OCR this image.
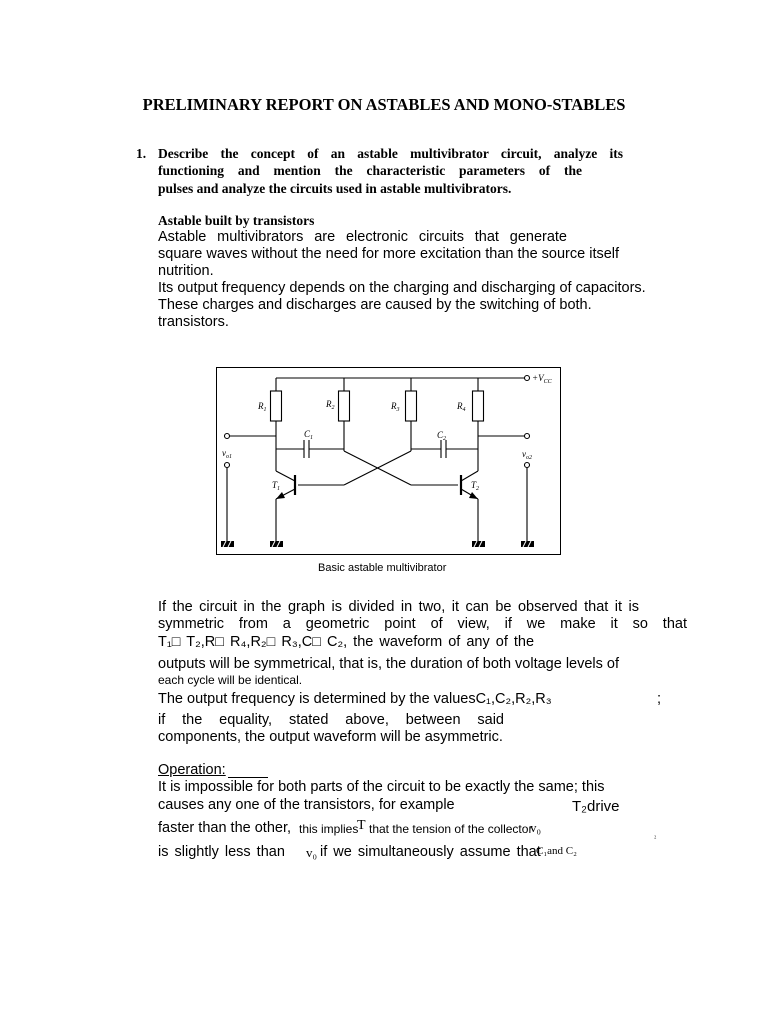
PRELIMINARY REPORT ON ASTABLES AND MONO-STABLES
1. Describe the concept of an astable multivibrator circuit, analyze its
functioning and mention the characteristic parameters of the
pulses and analyze the circuits used in astable multivibrators.
Astable built by transistors
Astable multivibrators are electronic circuits that generate
square waves without the need for more excitation than the source itself
nutrition.
Its output frequency depends on the charging and discharging of capacitors.
These charges and discharges are caused by the switching of both.
transistors.
$+V_{CC}$
$R_1$
$R_2$	$R_3$	$R_4$
$C_1$	$C_2$
$T_1$	$T_2$
$v_{o1}$	$v_{o2}$
Basic astable multivibrator
If the circuit in the graph is divided in two, it can be observed that it is
symmetric from a geometric point of view, if we make it so that
T₁□ T₂,R□ R₄,R₂□ R₃,C□ C₂, the waveform of any of the
outputs will be symmetrical, that is, the duration of both voltage levels of
each cycle will be identical.
The output frequency is determined by the valuesC₁,C₂,R₂,R₃	;
if the equality, stated above, between said
components, the output waveform will be asymmetric.
Operation:
It is impossible for both parts of the circuit to be exactly the same; this
causes any one of the transistors, for example	T₂drive
faster than the other, this implies
T that the tension of the collector
v₀	₂
is slightly less than v₀ if we simultaneously assume that
C₁and C₂
